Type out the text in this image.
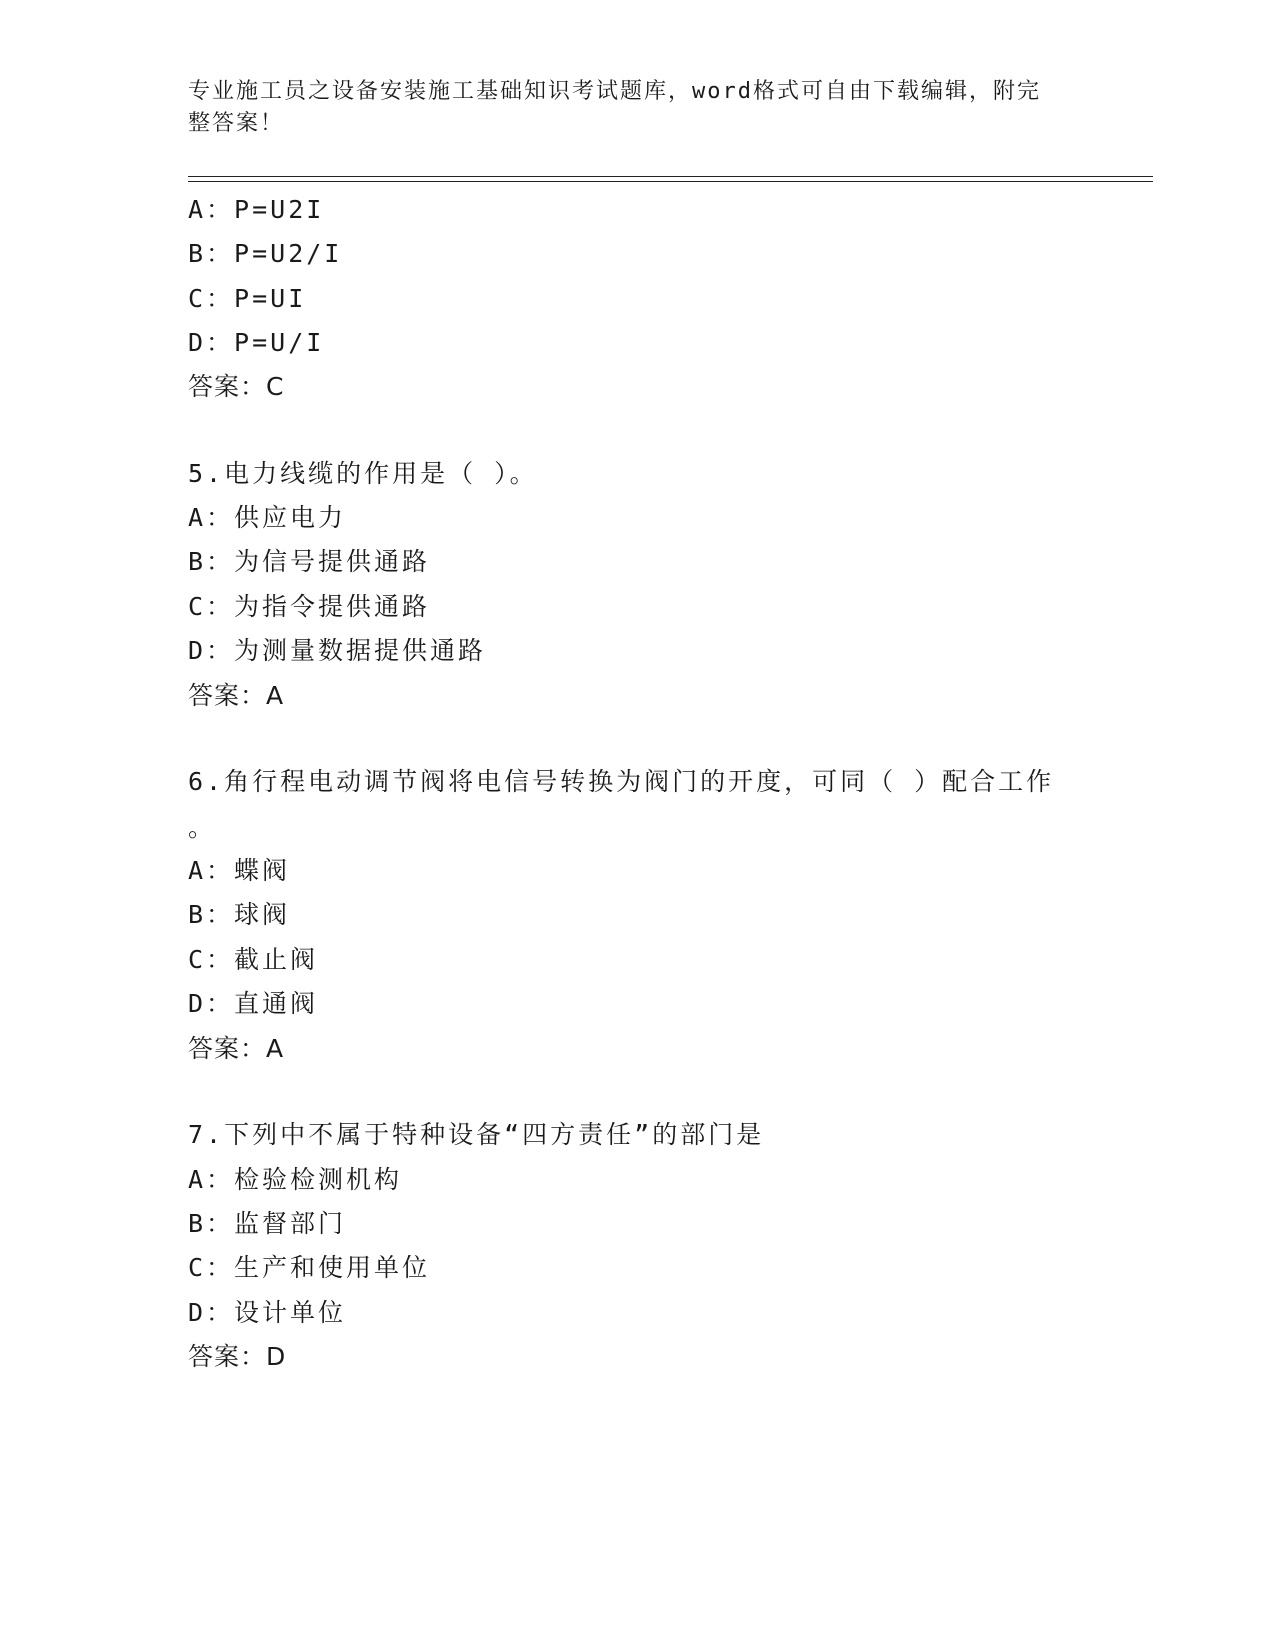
专业施工员之设备安装施工基础知识考试题库，word格式可自由下载编辑，附完
整答案！
A：P=U2I
B：P=U2/I
C：P=UI
D：P=U/I
答案：C
5.电力线缆的作用是（ ）。
A：供应电力
B：为信号提供通路
C：为指令提供通路
D：为测量数据提供通路
答案：A
6.角行程电动调节阀将电信号转换为阀门的开度，可同（ ）配合工作
。
A：蝶阀
B：球阀
C：截止阀
D：直通阀
答案：A
7.下列中不属于特种设备“四方责任”的部门是
A：检验检测机构
B：监督部门
C：生产和使用单位
D：设计单位
答案：D
